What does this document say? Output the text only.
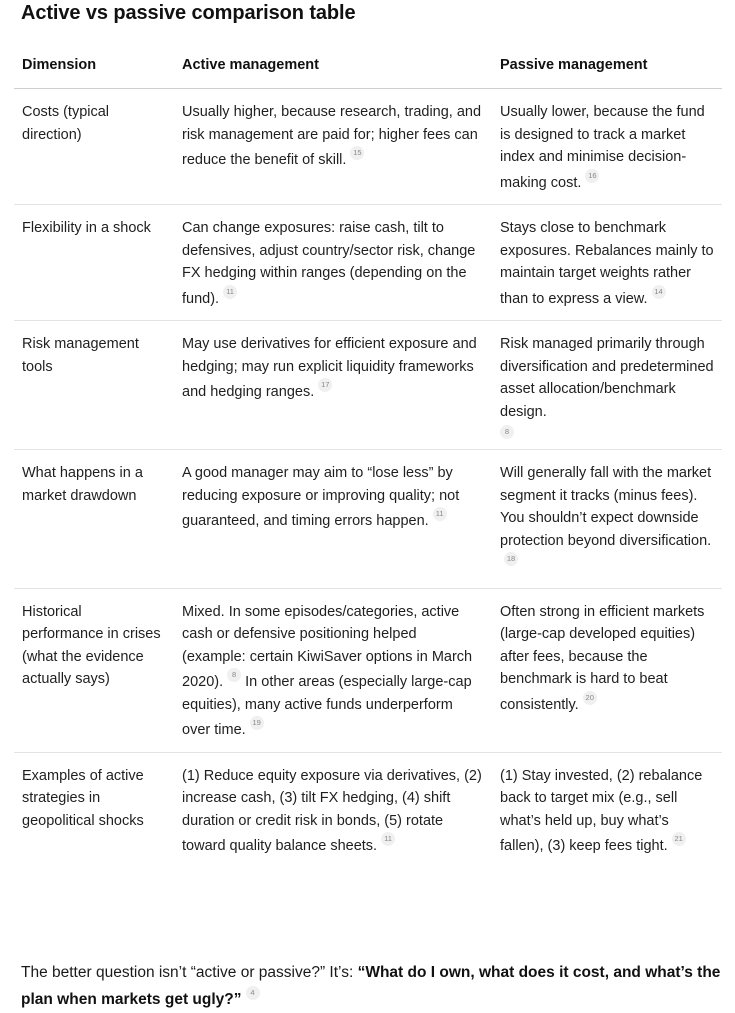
Active vs passive comparison table
Dimension	Active management	Passive management
Costs (typical direction)	Usually higher, because research, trading, and risk management are paid for; higher fees can reduce the benefit of skill. 15	Usually lower, because the fund is designed to track a market index and minimise decision-making cost. 16
Flexibility in a shock	Can change exposures: raise cash, tilt to defensives, adjust country/sector risk, change FX hedging within ranges (depending on the fund). 11	Stays close to benchmark exposures. Rebalances mainly to maintain target weights rather than to express a view. 14
Risk management tools	May use derivatives for efficient exposure and hedging; may run explicit liquidity frameworks and hedging ranges. 17	Risk managed primarily through diversification and predetermined asset allocation/benchmark design.
8

What happens in a market drawdown	A good manager may aim to “lose less” by reducing exposure or improving quality; not guaranteed, and timing errors happen. 11	Will generally fall with the market segment it tracks (minus fees). You shouldn’t expect downside protection beyond diversification.18
Historical performance in crises (what the evidence actually says)	Mixed. In some episodes/categories, active cash or defensive positioning helped (example: certain KiwiSaver options in March 2020). 8 In other areas (especially large-cap equities), many active funds underperform over time. 19	Often strong in efficient markets (large-cap developed equities) after fees, because the benchmark is hard to beat consistently. 20
Examples of active strategies in geopolitical shocks	(1) Reduce equity exposure via derivatives, (2) increase cash, (3) tilt FX hedging, (4) shift duration or credit risk in bonds, (5) rotate toward quality balance sheets. 11	(1) Stay invested, (2) rebalance back to target mix (e.g., sell what’s held up, buy what’s fallen), (3) keep fees tight. 21

The better question isn’t “active or passive?” It’s: “What do I own, what does it cost, and what’s the plan when markets get ugly?” 4
